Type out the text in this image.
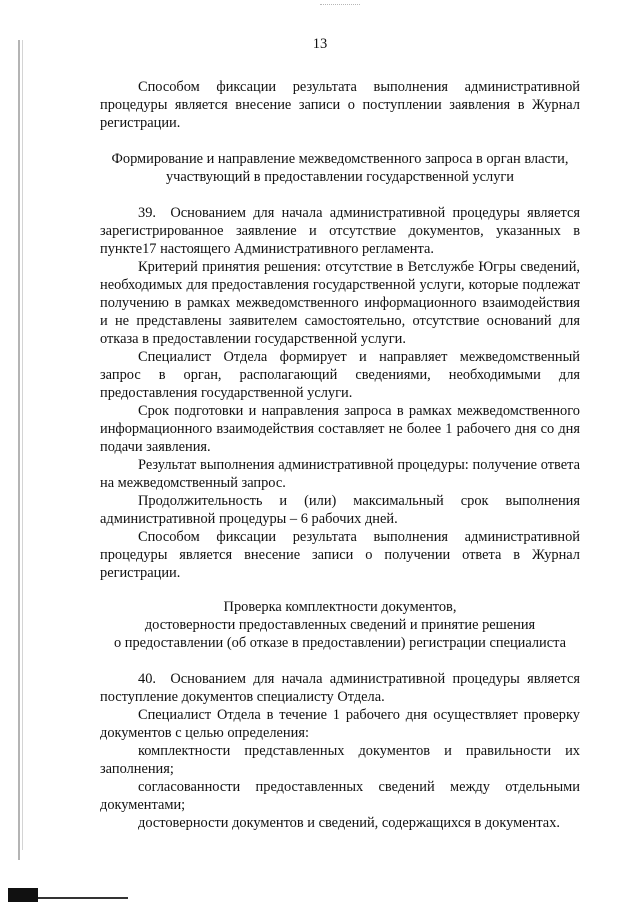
13

Способом фиксации результата выполнения административной процедуры является внесение записи о поступлении заявления в Журнал регистрации.

Формирование и направление межведомственного запроса в орган власти, участвующий в предоставлении государственной услуги

39. Основанием для начала административной процедуры является зарегистрированное заявление и отсутствие документов, указанных в пункте17 настоящего Административного регламента.

Критерий принятия решения: отсутствие в Ветслужбе Югры сведений, необходимых для предоставления государственной услуги, которые подлежат получению в рамках межведомственного информационного взаимодействия и не представлены заявителем самостоятельно, отсутствие оснований для отказа в предоставлении государственной услуги.

Специалист Отдела формирует и направляет межведомственный запрос в орган, располагающий сведениями, необходимыми для предоставления государственной услуги.

Срок подготовки и направления запроса в рамках межведомственного информационного взаимодействия составляет не более 1 рабочего дня со дня подачи заявления.

Результат выполнения административной процедуры: получение ответа на межведомственный запрос.

Продолжительность и (или) максимальный срок выполнения административной процедуры – 6 рабочих дней.

Способом фиксации результата выполнения административной процедуры является внесение записи о получении ответа в Журнал регистрации.

Проверка комплектности документов,

достоверности предоставленных сведений и принятие решения

о предоставлении (об отказе в предоставлении) регистрации специалиста

40. Основанием для начала административной процедуры является поступление документов специалисту Отдела.

Специалист Отдела в течение 1 рабочего дня осуществляет проверку документов с целью определения:

комплектности представленных документов и правильности их заполнения;

согласованности предоставленных сведений между отдельными документами;

достоверности документов и сведений, содержащихся в документах.
